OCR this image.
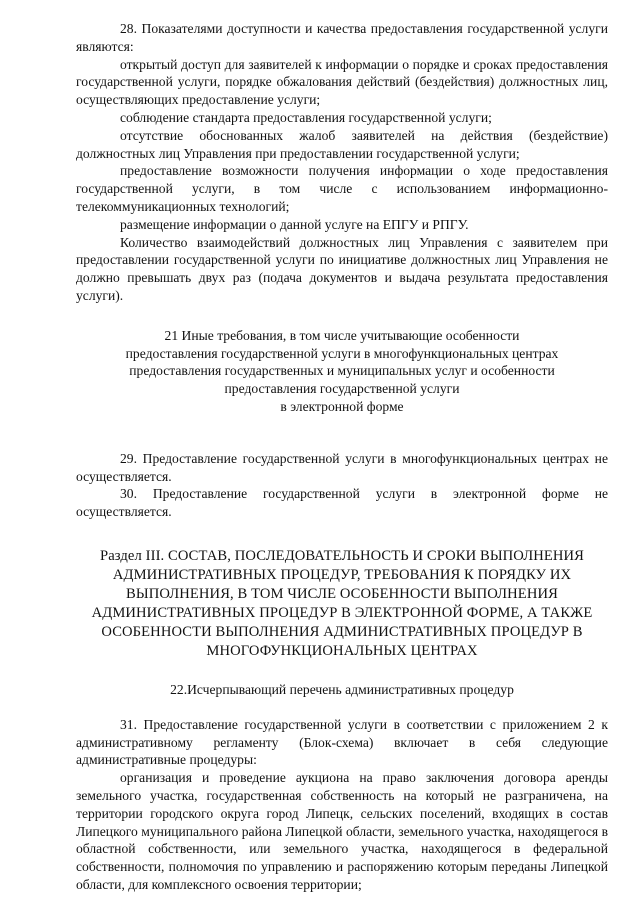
28. Показателями доступности и качества предоставления государственной услуги являются:

открытый доступ для заявителей к информации о порядке и сроках предоставления государственной услуги, порядке обжалования действий (бездействия) должностных лиц, осуществляющих предоставление услуги;

соблюдение стандарта предоставления государственной услуги;

отсутствие обоснованных жалоб заявителей на действия (бездействие) должностных лиц Управления при предоставлении государственной услуги;

предоставление возможности получения информации о ходе предоставления государственной услуги, в том числе с использованием информационно-телекоммуникационных технологий;

размещение информации о данной услуге на ЕПГУ и РПГУ.

Количество взаимодействий должностных лиц Управления с заявителем при предоставлении государственной услуги по инициативе должностных лиц Управления не должно превышать двух раз (подача документов и выдача результата предоставления услуги).

21 Иные требования, в том числе учитывающие особенности
предоставления государственной услуги в многофункциональных центрах
предоставления государственных и муниципальных услуг и особенности
предоставления государственной услуги
в электронной форме

29. Предоставление государственной услуги в многофункциональных центрах не осуществляется.

30. Предоставление государственной услуги в электронной форме не осуществляется.

Раздел III. СОСТАВ, ПОСЛЕДОВАТЕЛЬНОСТЬ И СРОКИ ВЫПОЛНЕНИЯ
АДМИНИСТРАТИВНЫХ ПРОЦЕДУР, ТРЕБОВАНИЯ К ПОРЯДКУ ИХ
ВЫПОЛНЕНИЯ, В ТОМ ЧИСЛЕ ОСОБЕННОСТИ ВЫПОЛНЕНИЯ
АДМИНИСТРАТИВНЫХ ПРОЦЕДУР В ЭЛЕКТРОННОЙ ФОРМЕ, А ТАКЖЕ
ОСОБЕННОСТИ ВЫПОЛНЕНИЯ АДМИНИСТРАТИВНЫХ ПРОЦЕДУР В
МНОГОФУНКЦИОНАЛЬНЫХ ЦЕНТРАХ
22.Исчерпывающий перечень административных процедур

31. Предоставление государственной услуги в соответствии с приложением 2 к административному регламенту (Блок-схема) включает в себя следующие административные процедуры:

организация и проведение аукциона на право заключения договора аренды земельного участка, государственная собственность на который не разграничена, на территории городского округа город Липецк, сельских поселений, входящих в состав Липецкого муниципального района Липецкой области, земельного участка, находящегося в областной собственности, или земельного участка, находящегося в федеральной собственности, полномочия по управлению и распоряжению которым переданы Липецкой области, для комплексного освоения территории;
